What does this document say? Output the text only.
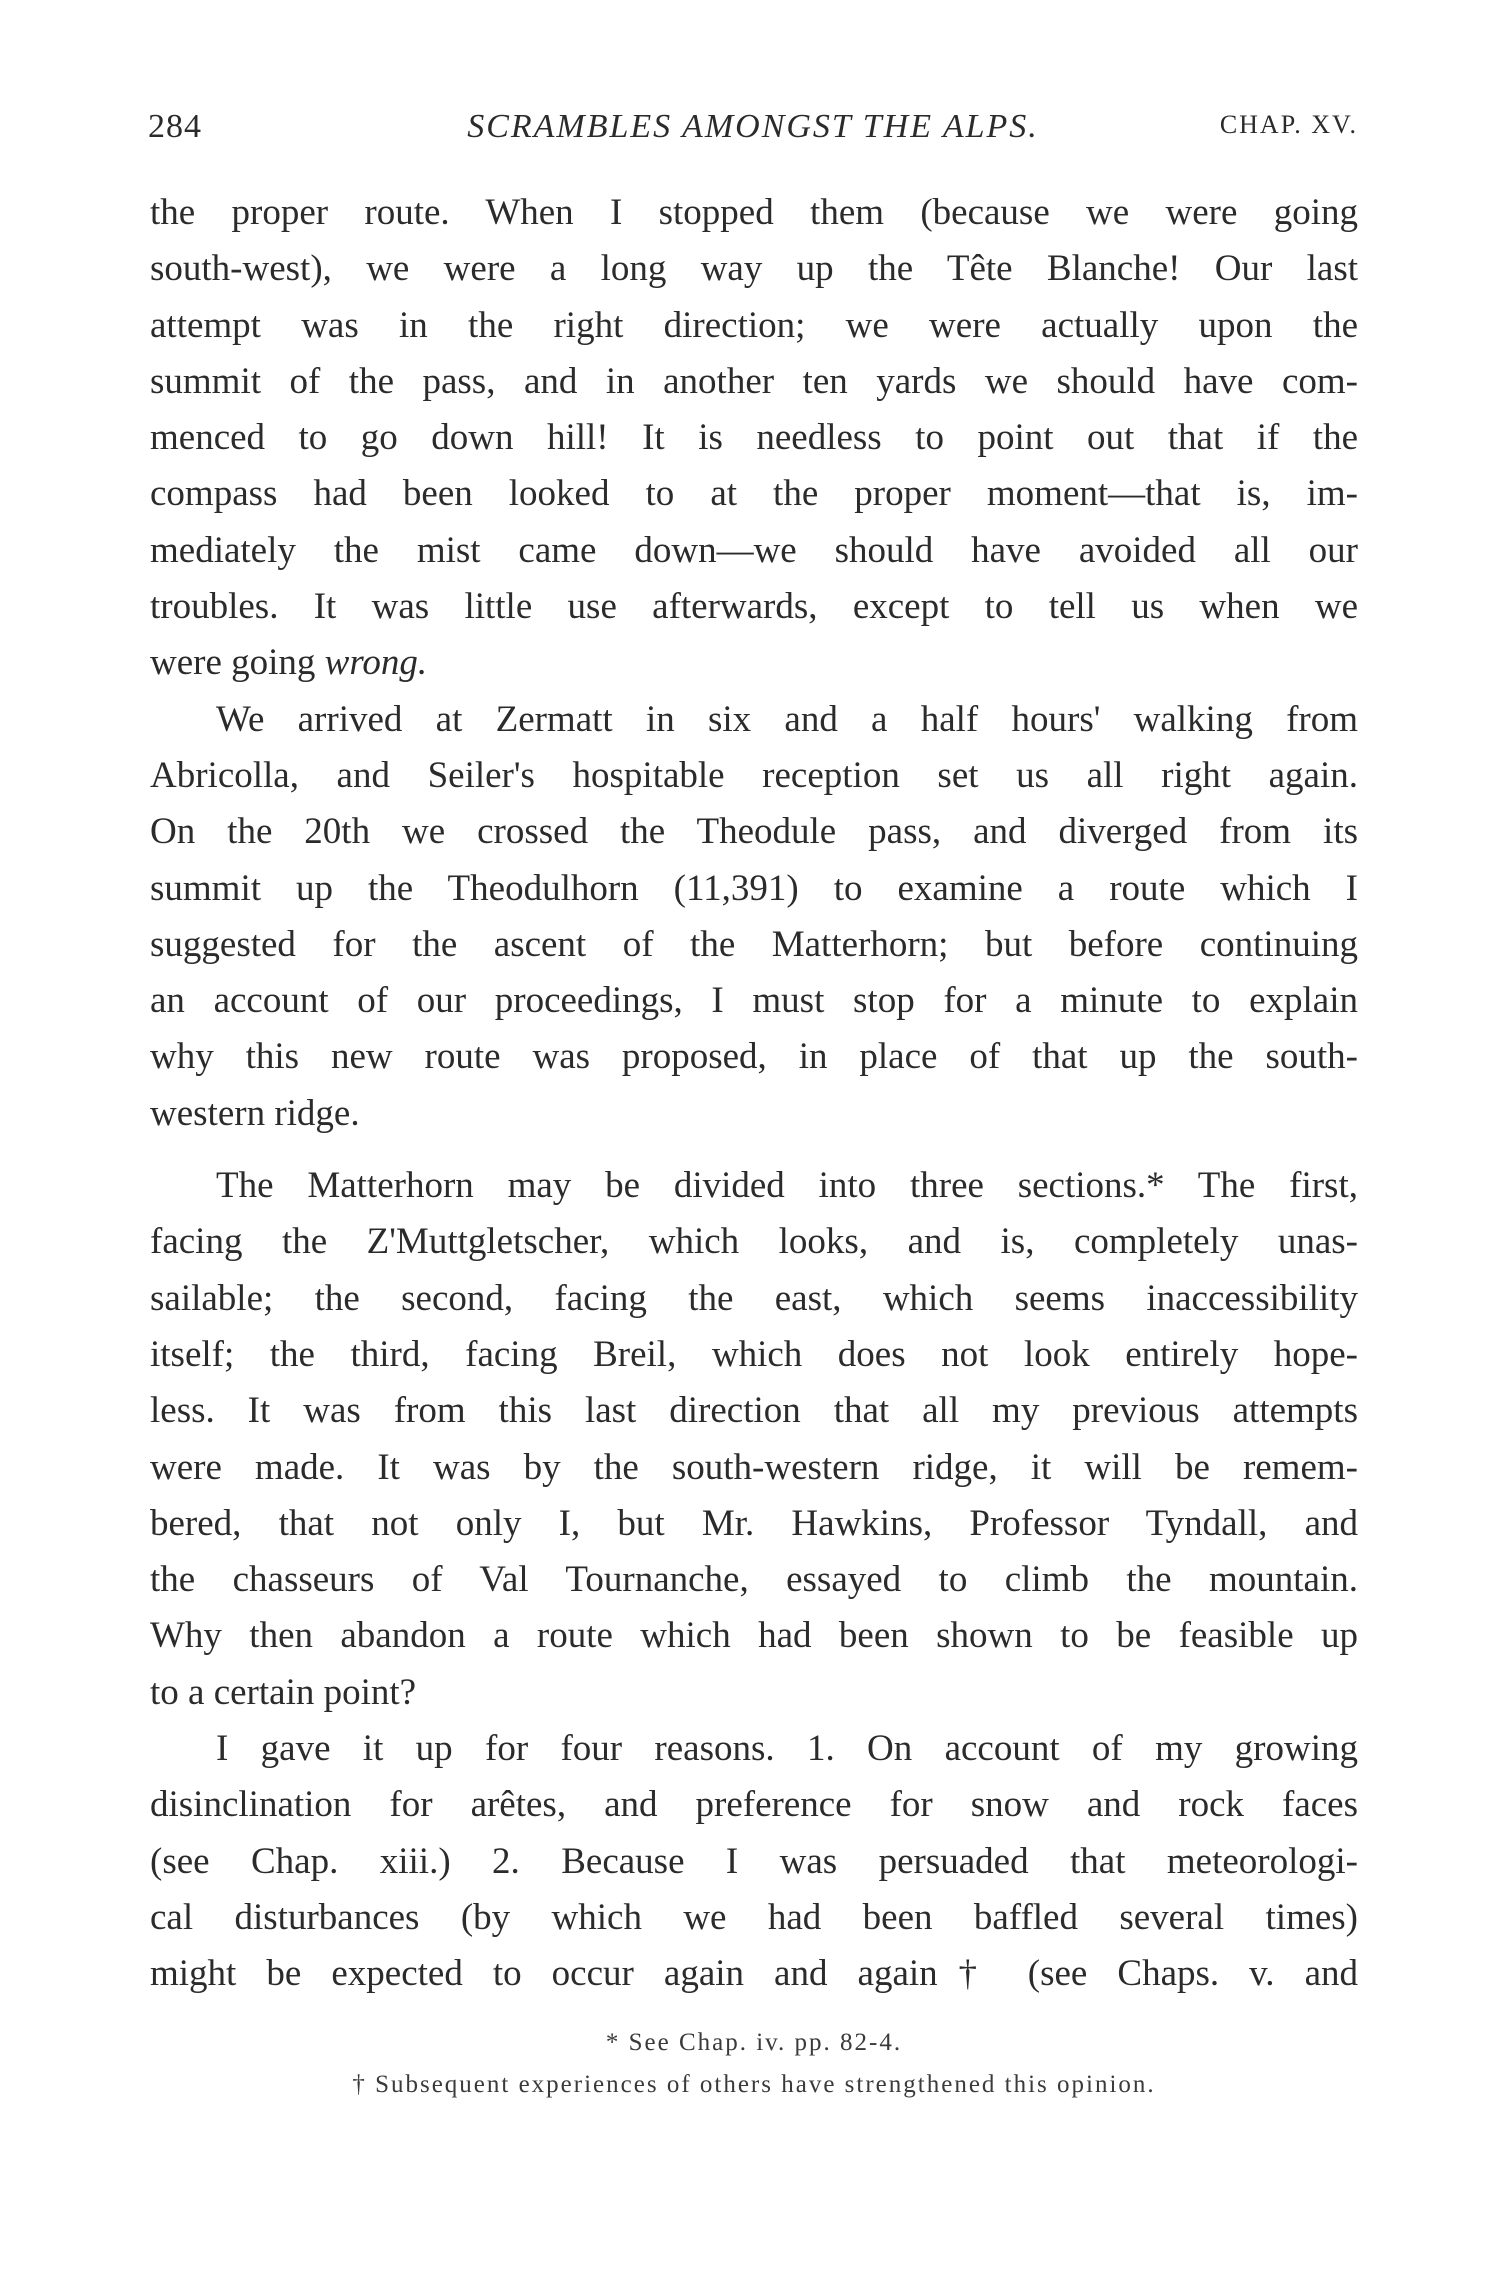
284	SCRAMBLES AMONGST THE ALPS.	CHAP. XV.
the proper route. When I stopped them (because we were going
south-west), we were a long way up the Tête Blanche! Our last
attempt was in the right direction; we were actually upon the
summit of the pass, and in another ten yards we should have com-
menced to go down hill! It is needless to point out that if the
compass had been looked to at the proper moment—that is, im-
mediately the mist came down—we should have avoided all our
troubles. It was little use afterwards, except to tell us when we
were going wrong.
We arrived at Zermatt in six and a half hours' walking from
Abricolla, and Seiler's hospitable reception set us all right again.
On the 20th we crossed the Theodule pass, and diverged from its
summit up the Theodulhorn (11,391) to examine a route which I
suggested for the ascent of the Matterhorn; but before continuing
an account of our proceedings, I must stop for a minute to explain
why this new route was proposed, in place of that up the south-
western ridge.
The Matterhorn may be divided into three sections.* The first,
facing the Z'Muttgletscher, which looks, and is, completely unas-
sailable; the second, facing the east, which seems inaccessibility
itself; the third, facing Breil, which does not look entirely hope-
less. It was from this last direction that all my previous attempts
were made. It was by the south-western ridge, it will be remem-
bered, that not only I, but Mr. Hawkins, Professor Tyndall, and
the chasseurs of Val Tournanche, essayed to climb the mountain.
Why then abandon a route which had been shown to be feasible up
to a certain point?
I gave it up for four reasons. 1. On account of my growing
disinclination for arêtes, and preference for snow and rock faces
(see Chap. xiii.) 2. Because I was persuaded that meteorologi-
cal disturbances (by which we had been baffled several times)
might be expected to occur again and again† (see Chaps. v. and
* See Chap. iv. pp. 82-4.
† Subsequent experiences of others have strengthened this opinion.
